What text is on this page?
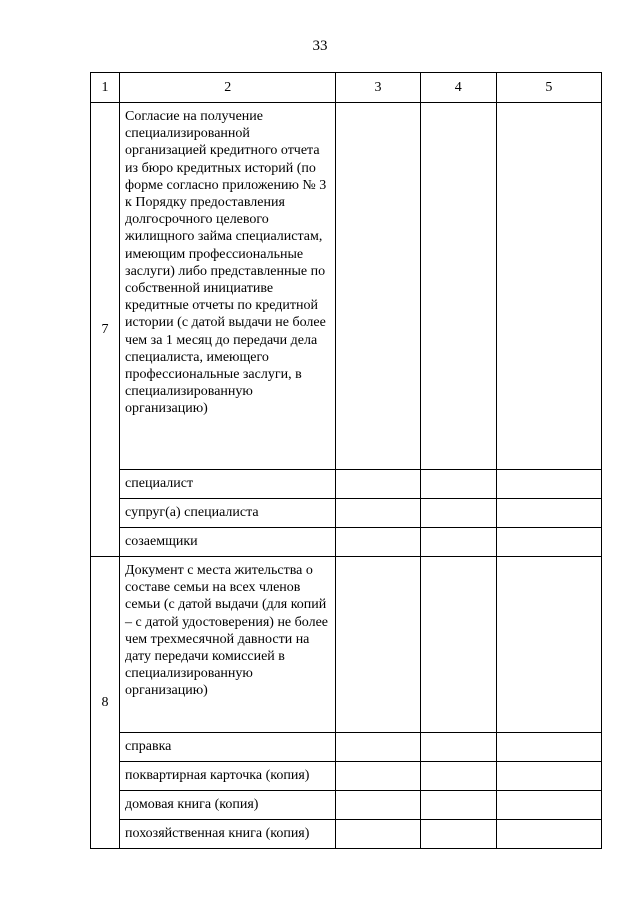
33
1	2	3	4	5
7	Согласие на получение специализированной организацией кредитного отчета из бюро кредитных историй (по форме согласно приложению № 3 к Порядку предоставления долгосрочного целевого жилищного займа специалистам, имеющим профессиональные заслуги) либо представленные по собственной инициативе кредитные отчеты по кредитной истории (с датой выдачи не более чем за 1 месяц до передачи дела специалиста, имеющего профессиональные заслуги, в специализированную организацию)			
	специалист			
	супруг(а) специалиста			
	созаемщики			
8	Документ с места жительства о составе семьи на всех членов семьи (с датой выдачи (для копий – с датой удостоверения) не более чем трехмесячной давности на дату передачи комиссией в специализированную организацию)			
	справка			
	поквартирная карточка (копия)			
	домовая книга (копия)			
	похозяйственная книга (копия)			
